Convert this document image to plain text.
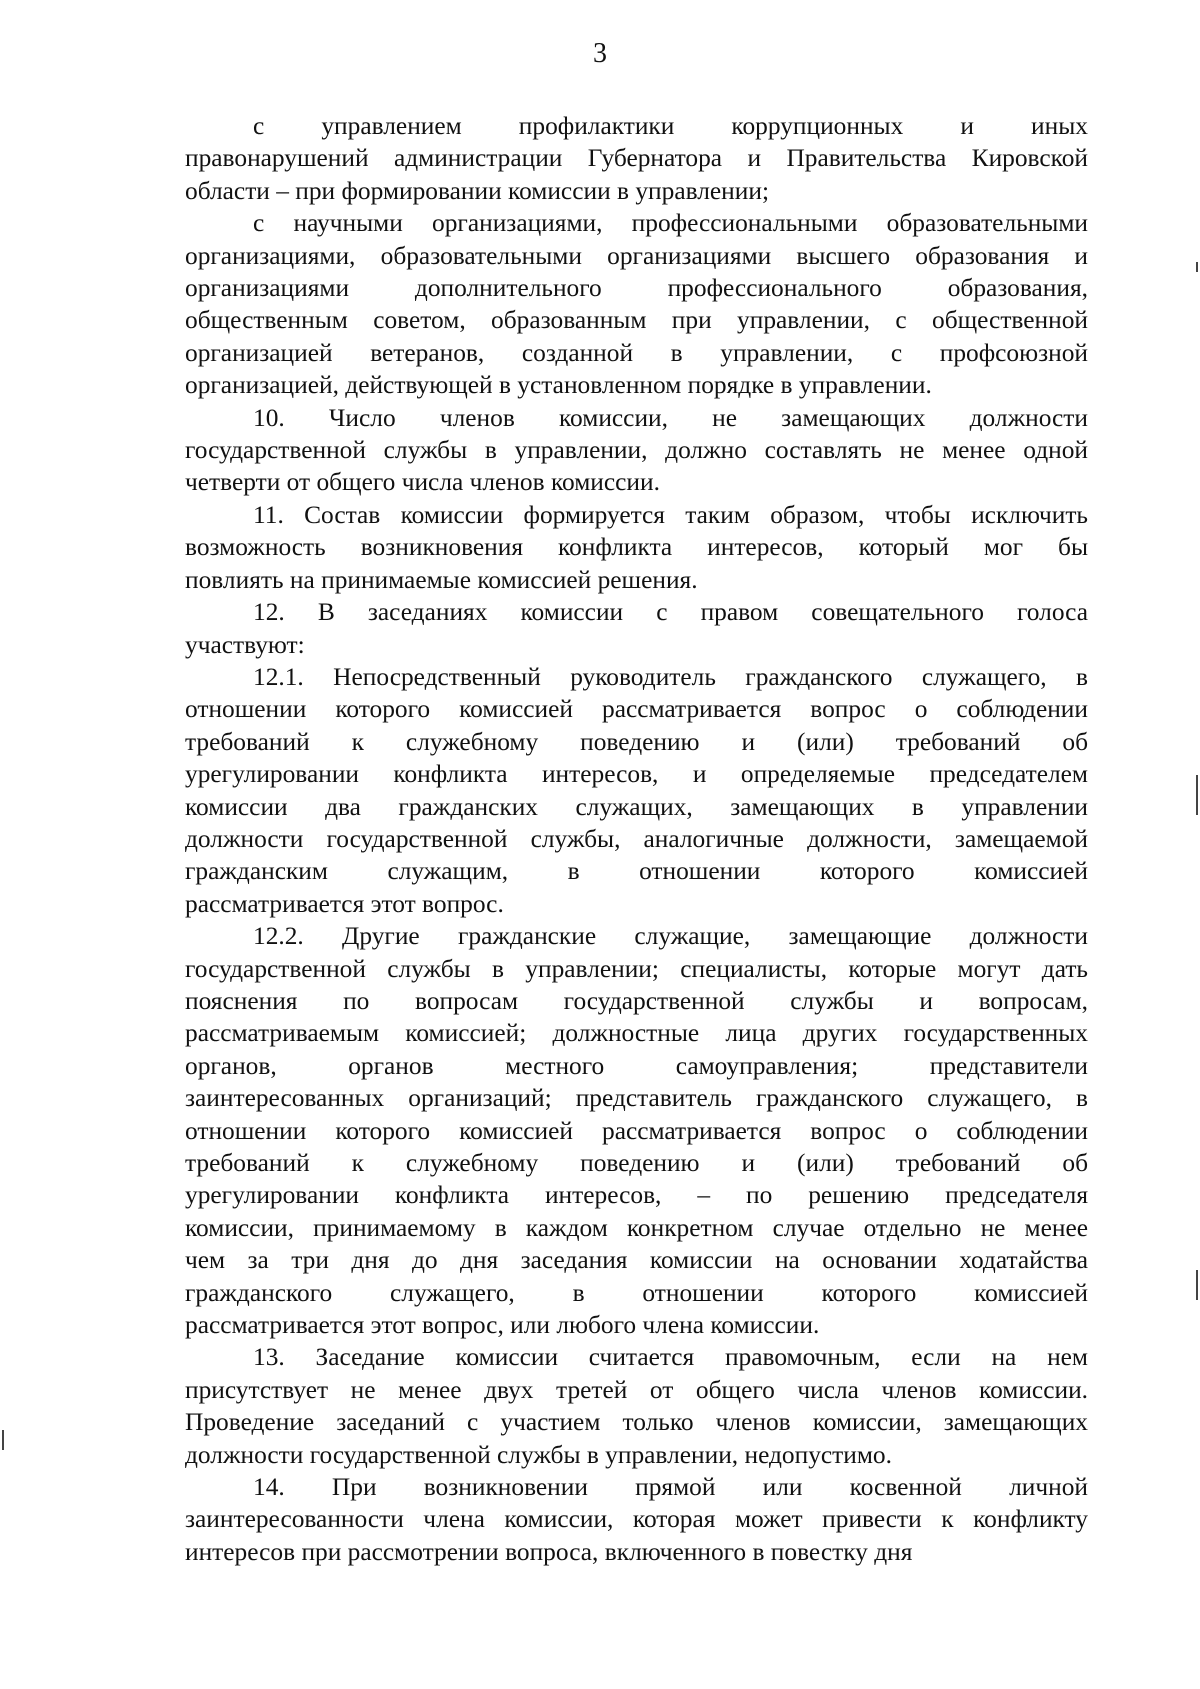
3
с управлением профилактики коррупционных и иных
правонарушений администрации Губернатора и Правительства Кировской
области – при формировании комиссии в управлении;
с научными организациями, профессиональными образовательными
организациями, образовательными организациями высшего образования и
организациями дополнительного профессионального образования,
общественным советом, образованным при управлении, с общественной
организацией ветеранов, созданной в управлении, с профсоюзной
организацией, действующей в установленном порядке в управлении.
10. Число членов комиссии, не замещающих должности
государственной службы в управлении, должно составлять не менее одной
четверти от общего числа членов комиссии.
11. Состав комиссии формируется таким образом, чтобы исключить
возможность возникновения конфликта интересов, который мог бы
повлиять на принимаемые комиссией решения.
12. В заседаниях комиссии с правом совещательного голоса
участвуют:
12.1. Непосредственный руководитель гражданского служащего, в
отношении которого комиссией рассматривается вопрос о соблюдении
требований к служебному поведению и (или) требований об
урегулировании конфликта интересов, и определяемые председателем
комиссии два гражданских служащих, замещающих в управлении
должности государственной службы, аналогичные должности, замещаемой
гражданским служащим, в отношении которого комиссией
рассматривается этот вопрос.
12.2. Другие гражданские служащие, замещающие должности
государственной службы в управлении; специалисты, которые могут дать
пояснения по вопросам государственной службы и вопросам,
рассматриваемым комиссией; должностные лица других государственных
органов, органов местного самоуправления; представители
заинтересованных организаций; представитель гражданского служащего, в
отношении которого комиссией рассматривается вопрос о соблюдении
требований к служебному поведению и (или) требований об
урегулировании конфликта интересов, – по решению председателя
комиссии, принимаемому в каждом конкретном случае отдельно не менее
чем за три дня до дня заседания комиссии на основании ходатайства
гражданского служащего, в отношении которого комиссией
рассматривается этот вопрос, или любого члена комиссии.
13. Заседание комиссии считается правомочным, если на нем
присутствует не менее двух третей от общего числа членов комиссии.
Проведение заседаний с участием только членов комиссии, замещающих
должности государственной службы в управлении, недопустимо.
14. При возникновении прямой или косвенной личной
заинтересованности члена комиссии, которая может привести к конфликту
интересов при рассмотрении вопроса, включенного в повестку дня
